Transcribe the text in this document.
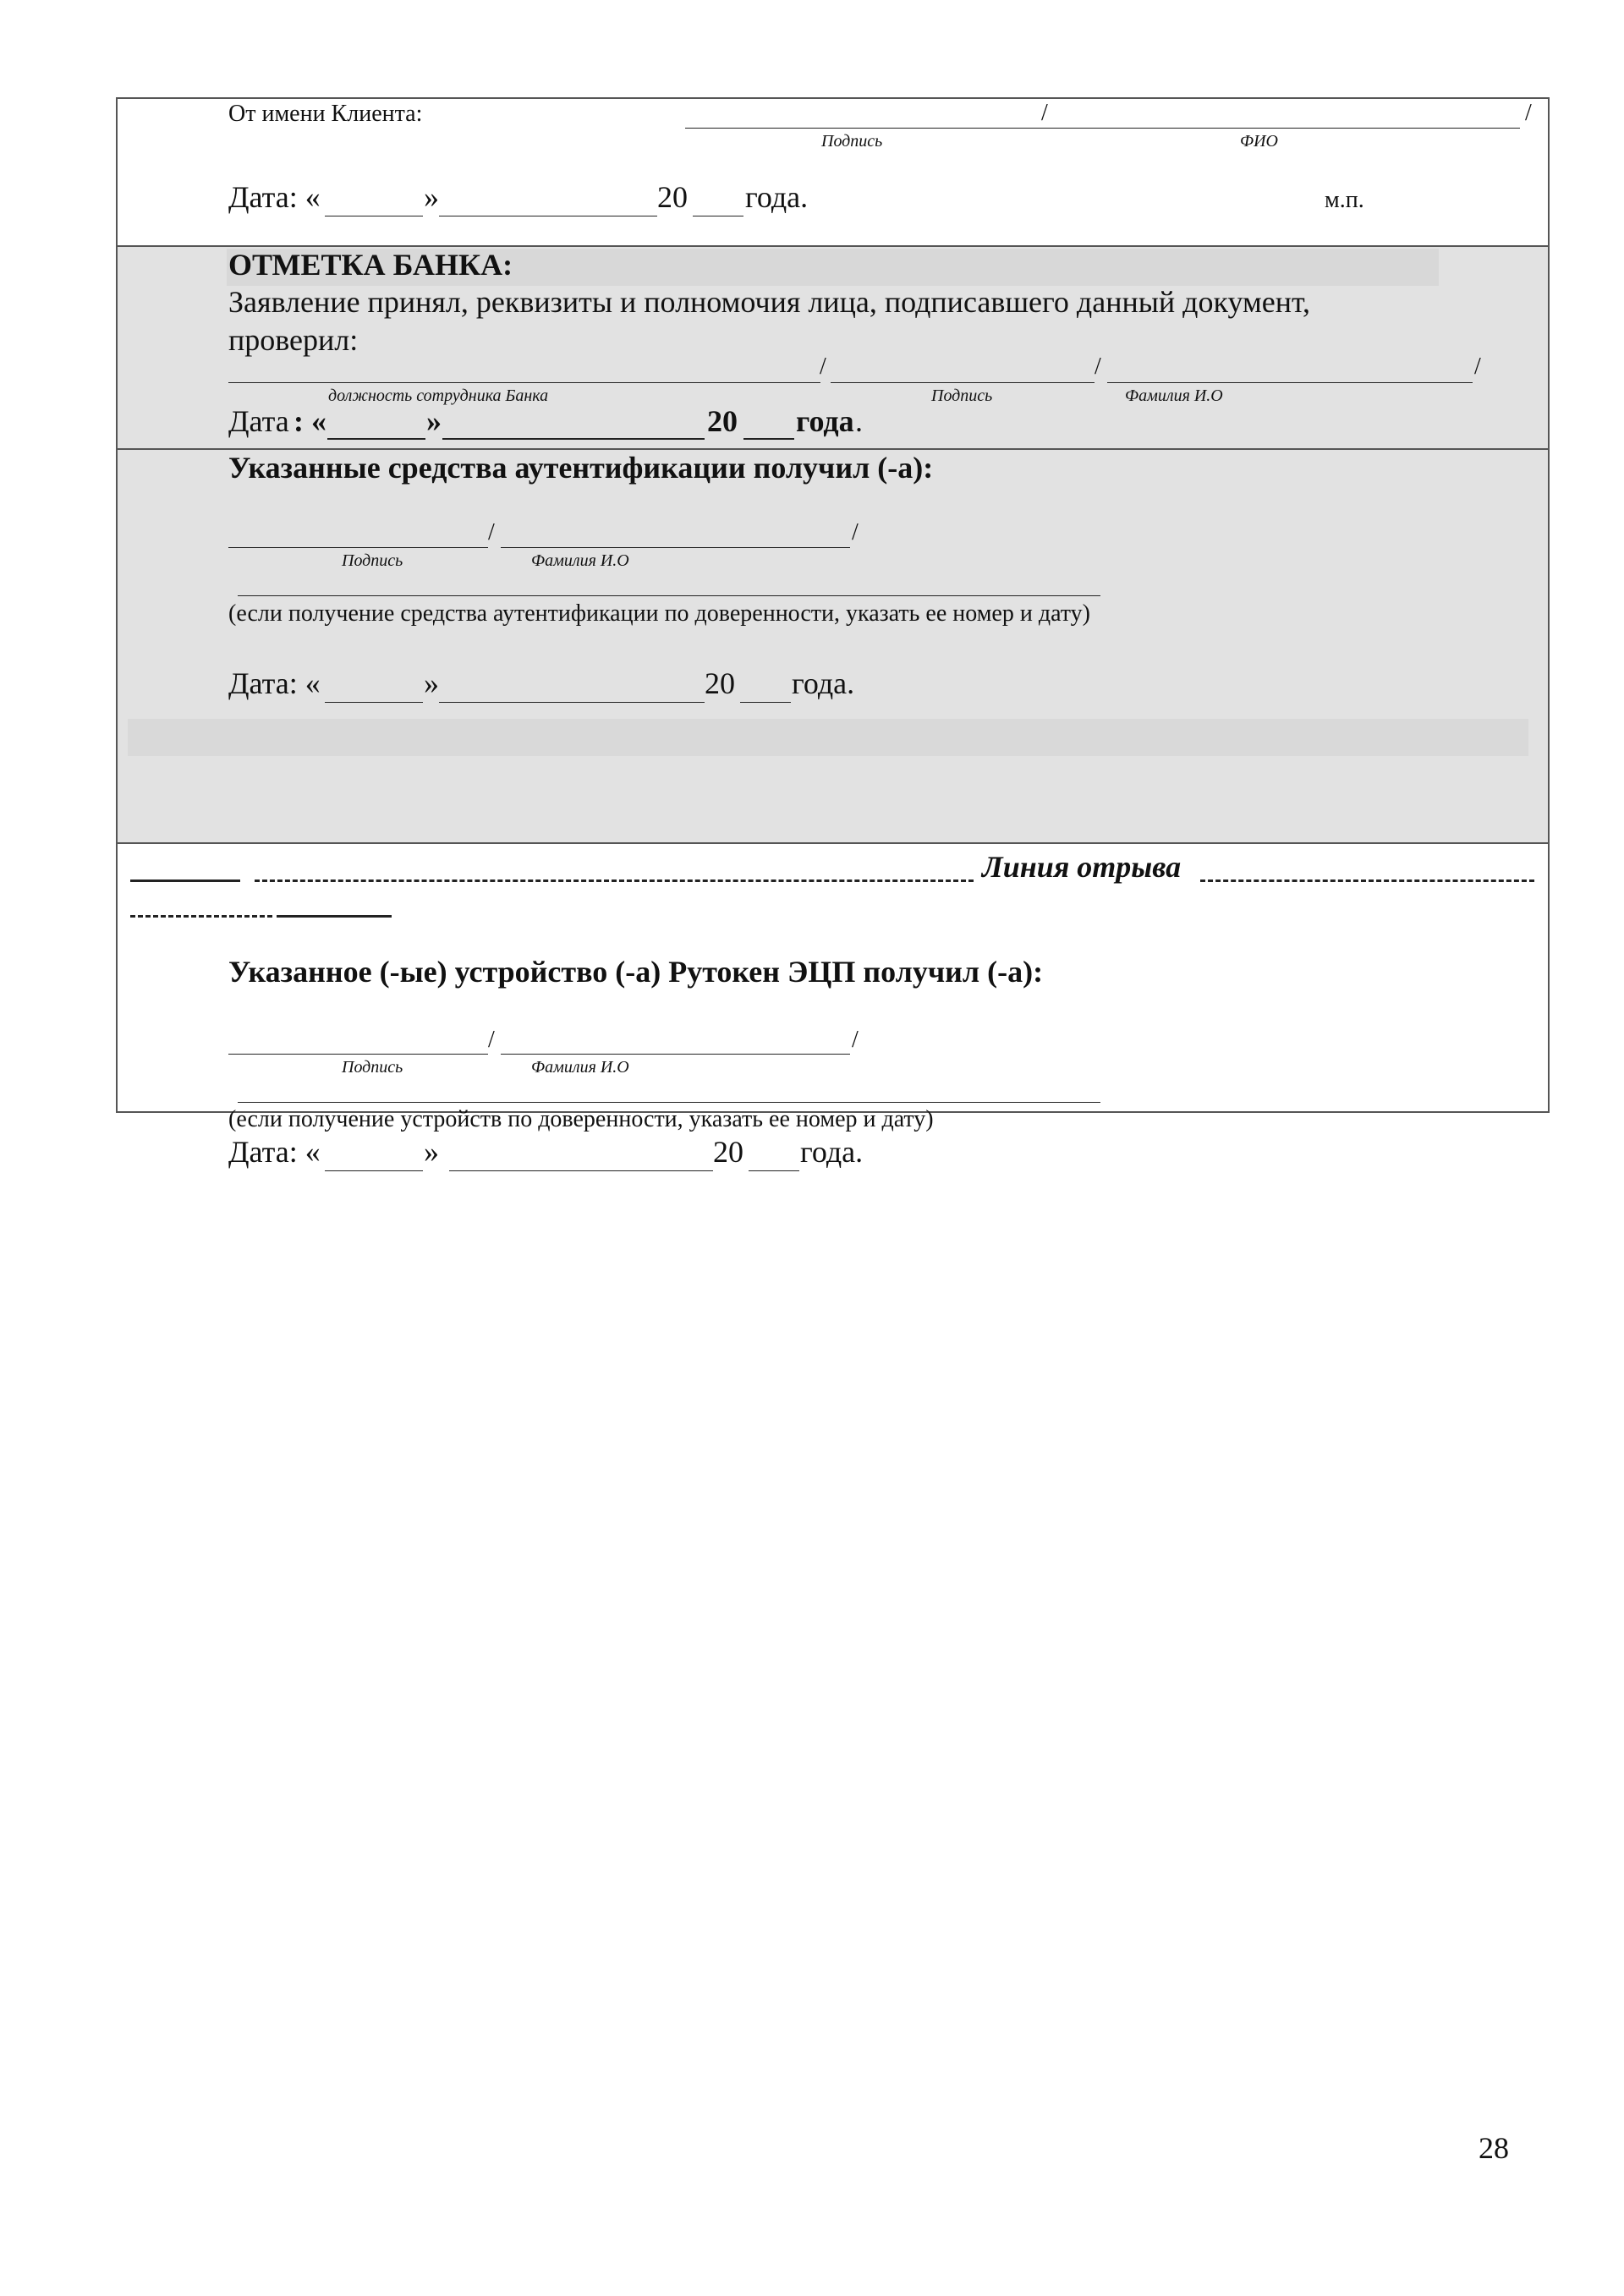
От имени Клиента:	/	/
Подпись	ФИО
Дата: «	»	20 года.	м.п.
ОТМЕТКА БАНКА:
Заявление принял, реквизиты и полномочия лица, подписавшего данный документ,
проверил:
/	/	/
должность сотрудника Банка	Подпись	Фамилия И.О
Дата : «	»	20 года .
Указанные средства аутентификации получил (-а):
/	/
Подпись	Фамилия И.О
(если получение средства аутентификации по доверенности, указать ее номер и дату)
Дата: «	»	20 года.
Линия отрыва
Указанное (-ые) устройство (-а) Рутокен ЭЦП получил (-а):
/	/
Подпись	Фамилия И.О
(если получение устройств по доверенности, указать ее номер и дату)
Дата: «	»	20 года.
28
